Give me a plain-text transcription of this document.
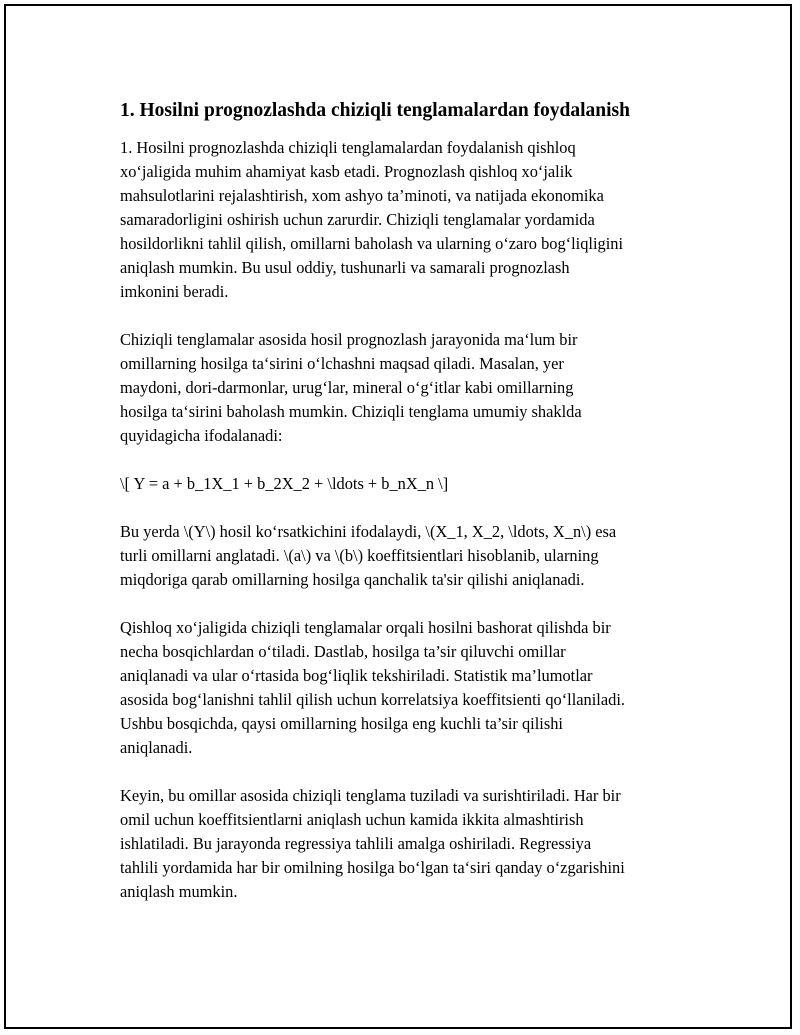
1. Hosilni prognozlashda chiziqli tenglamalardan foydalanish

1. Hosilni prognozlashda chiziqli tenglamalardan foydalanish qishloq
xo‘jaligida muhim ahamiyat kasb etadi. Prognozlash qishloq xo‘jalik
mahsulotlarini rejalashtirish, xom ashyo ta’minoti, va natijada ekonomika
samaradorligini oshirish uchun zarurdir. Chiziqli tenglamalar yordamida
hosildorlikni tahlil qilish, omillarni baholash va ularning o‘zaro bog‘liqligini
aniqlash mumkin. Bu usul oddiy, tushunarli va samarali prognozlash
imkonini beradi.

Chiziqli tenglamalar asosida hosil prognozlash jarayonida ma‘lum bir
omillarning hosilga ta‘sirini o‘lchashni maqsad qiladi. Masalan, yer
maydoni, dori-darmonlar, urug‘lar, mineral o‘g‘itlar kabi omillarning
hosilga ta‘sirini baholash mumkin. Chiziqli tenglama umumiy shaklda
quyidagicha ifodalanadi:

\[ Y = a + b_1X_1 + b_2X_2 + \ldots + b_nX_n \]

Bu yerda \(Y\) hosil ko‘rsatkichini ifodalaydi, \(X_1, X_2, \ldots, X_n\) esa
turli omillarni anglatadi. \(a\) va \(b\) koeffitsientlari hisoblanib, ularning
miqdoriga qarab omillarning hosilga qanchalik ta'sir qilishi aniqlanadi.

Qishloq xo‘jaligida chiziqli tenglamalar orqali hosilni bashorat qilishda bir
necha bosqichlardan o‘tiladi. Dastlab, hosilga ta’sir qiluvchi omillar
aniqlanadi va ular o‘rtasida bog‘liqlik tekshiriladi. Statistik ma’lumotlar
asosida bog‘lanishni tahlil qilish uchun korrelatsiya koeffitsienti qo‘llaniladi.
Ushbu bosqichda, qaysi omillarning hosilga eng kuchli ta’sir qilishi
aniqlanadi.

Keyin, bu omillar asosida chiziqli tenglama tuziladi va surishtiriladi. Har bir
omil uchun koeffitsientlarni aniqlash uchun kamida ikkita almashtirish
ishlatiladi. Bu jarayonda regressiya tahlili amalga oshiriladi. Regressiya
tahlili yordamida har bir omilning hosilga bo‘lgan ta‘siri qanday o‘zgarishini
aniqlash mumkin.
